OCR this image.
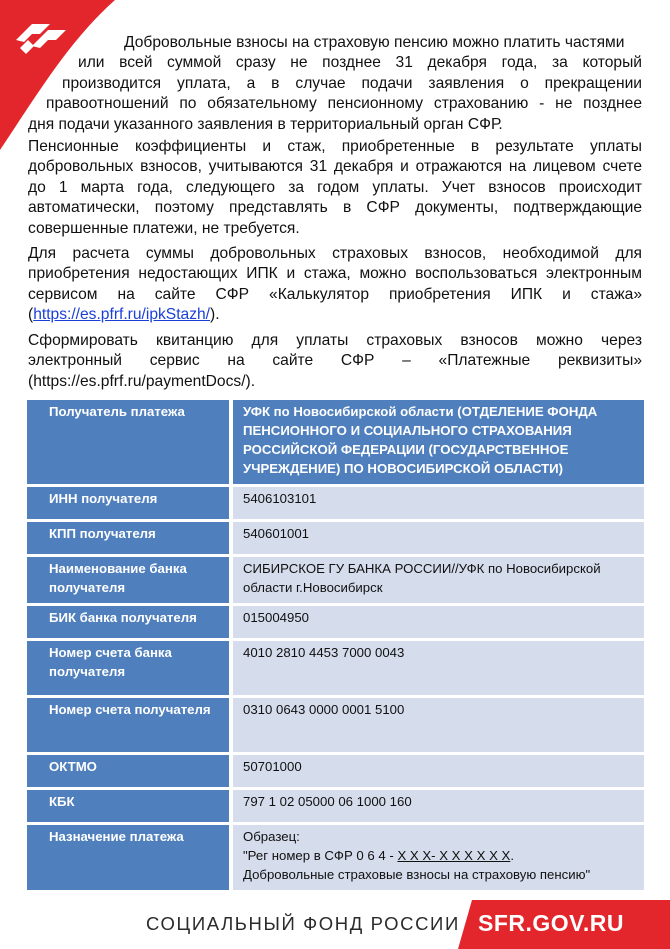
Добровольные взносы на страховую пенсию можно платить частями
или всей суммой сразу не позднее 31 декабря года, за который
производится уплата, а в случае подачи заявления о прекращении
правоотношений по обязательному пенсионному страхованию - не позднее
дня подачи указанного заявления в территориальный орган СФР.
Пенсионные коэффициенты и стаж, приобретенные в результате уплаты добровольных взносов, учитываются 31 декабря и отражаются на лицевом счете до 1 марта года, следующего за годом уплаты. Учет взносов происходит автоматически, поэтому представлять в СФР документы, подтверждающие совершенные платежи, не требуется.
Для расчета суммы добровольных страховых взносов, необходимой для приобретения недостающих ИПК и стажа, можно воспользоваться электронным сервисом на сайте СФР «Калькулятор приобретения ИПК и стажа» (https://es.pfrf.ru/ipkStazh/).
Сформировать квитанцию для уплаты страховых взносов можно через электронный сервис на сайте СФР – «Платежные реквизиты» (https://es.pfrf.ru/paymentDocs/).
Получатель платежа	УФК по Новосибирской области (ОТДЕЛЕНИЕ ФОНДА ПЕНСИОННОГО И СОЦИАЛЬНОГО СТРАХОВАНИЯ РОССИЙСКОЙ ФЕДЕРАЦИИ (ГОСУДАРСТВЕННОЕ УЧРЕЖДЕНИЕ) ПО НОВОСИБИРСКОЙ ОБЛАСТИ)
ИНН получателя	5406103101
КПП получателя	540601001
Наименование банка получателя	СИБИРСКОЕ ГУ БАНКА РОССИИ//УФК по Новосибирской области г.Новосибирск
БИК банка получателя	015004950
Номер счета банка получателя	4010 2810 4453 7000 0043
Номер счета получателя	0310 0643 0000 0001 5100
ОКТМО	50701000
КБК	797 1 02 05000 06 1000 160
Назначение платежа	Образец:
"Рег номер в СФР 0 6 4 - Х Х Х- Х Х Х Х Х Х.
Добровольные страховые взносы на страховую пенсию"
СОЦИАЛЬНЫЙ ФОНД РОССИИ SFR.GOV.RU
